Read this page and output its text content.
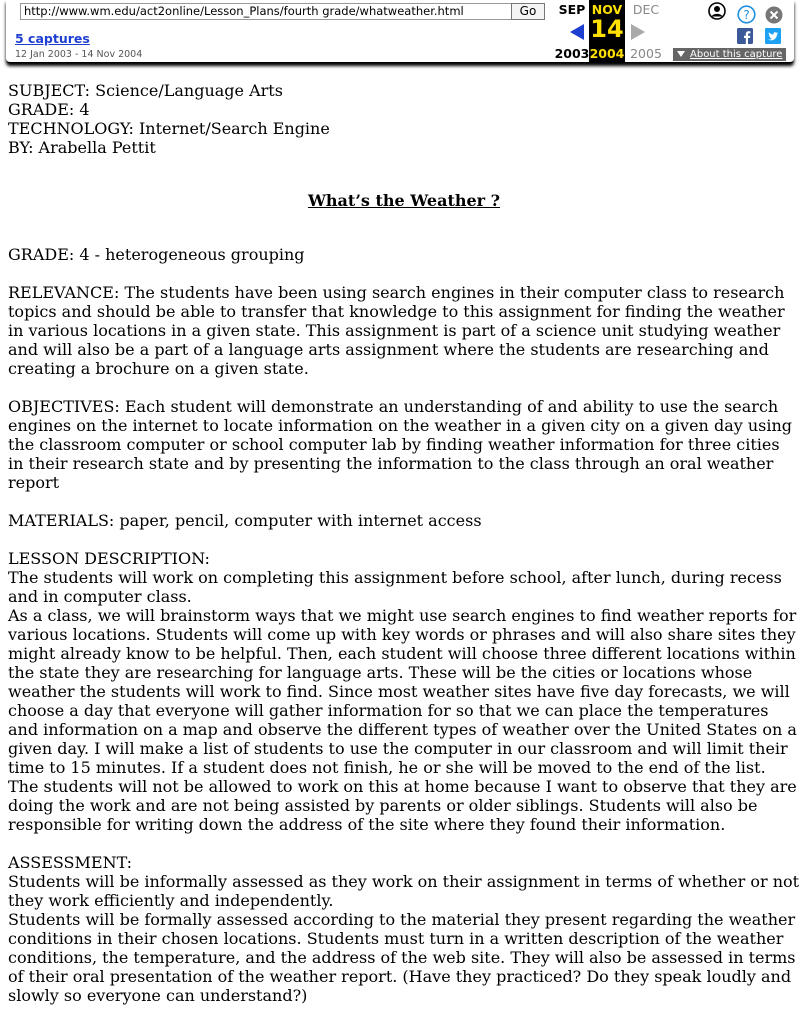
http://www.wm.edu/act2online/Lesson_Plans/fourth grade/whatweather.html
Go
5 captures
12 Jan 2003 - 14 Nov 2004
SEP	DEC
2003	2005
NOV
14
2004
?
About this capture

SUBJECT: Science/Language Arts

GRADE: 4

TECHNOLOGY: Internet/Search Engine

BY: Arabella Pettit

What’s the Weather ?

GRADE: 4 - heterogeneous grouping

RELEVANCE: The students have been using search engines in their computer class to research topics and should be able to transfer that knowledge to this assignment for finding the weather in various locations in a given state. This assignment is part of a science unit studying weather and will also be a part of a language arts assignment where the students are researching and creating a brochure on a given state.

OBJECTIVES: Each student will demonstrate an understanding of and ability to use the search engines on the internet to locate information on the weather in a given city on a given day using the classroom computer or school computer lab by finding weather information for three cities in their research state and by presenting the information to the class through an oral weather report

MATERIALS: paper, pencil, computer with internet access

LESSON DESCRIPTION:

The students will work on completing this assignment before school, after lunch, during recess and in computer class.

As a class, we will brainstorm ways that we might use search engines to find weather reports for various locations. Students will come up with key words or phrases and will also share sites they might already know to be helpful. Then, each student will choose three different locations within the state they are researching for language arts. These will be the cities or locations whose weather the students will work to find. Since most weather sites have five day forecasts, we will choose a day that everyone will gather information for so that we can place the temperatures and information on a map and observe the different types of weather over the United States on a given day. I will make a list of students to use the computer in our classroom and will limit their time to 15 minutes. If a student does not finish, he or she will be moved to the end of the list. The students will not be allowed to work on this at home because I want to observe that they are doing the work and are not being assisted by parents or older siblings. Students will also be responsible for writing down the address of the site where they found their information.

ASSESSMENT:

Students will be informally assessed as they work on their assignment in terms of whether or not they work efficiently and independently.

Students will be formally assessed according to the material they present regarding the weather conditions in their chosen locations. Students must turn in a written description of the weather conditions, the temperature, and the address of the web site. They will also be assessed in terms of their oral presentation of the weather report. (Have they practiced? Do they speak loudly and slowly so everyone can understand?)
